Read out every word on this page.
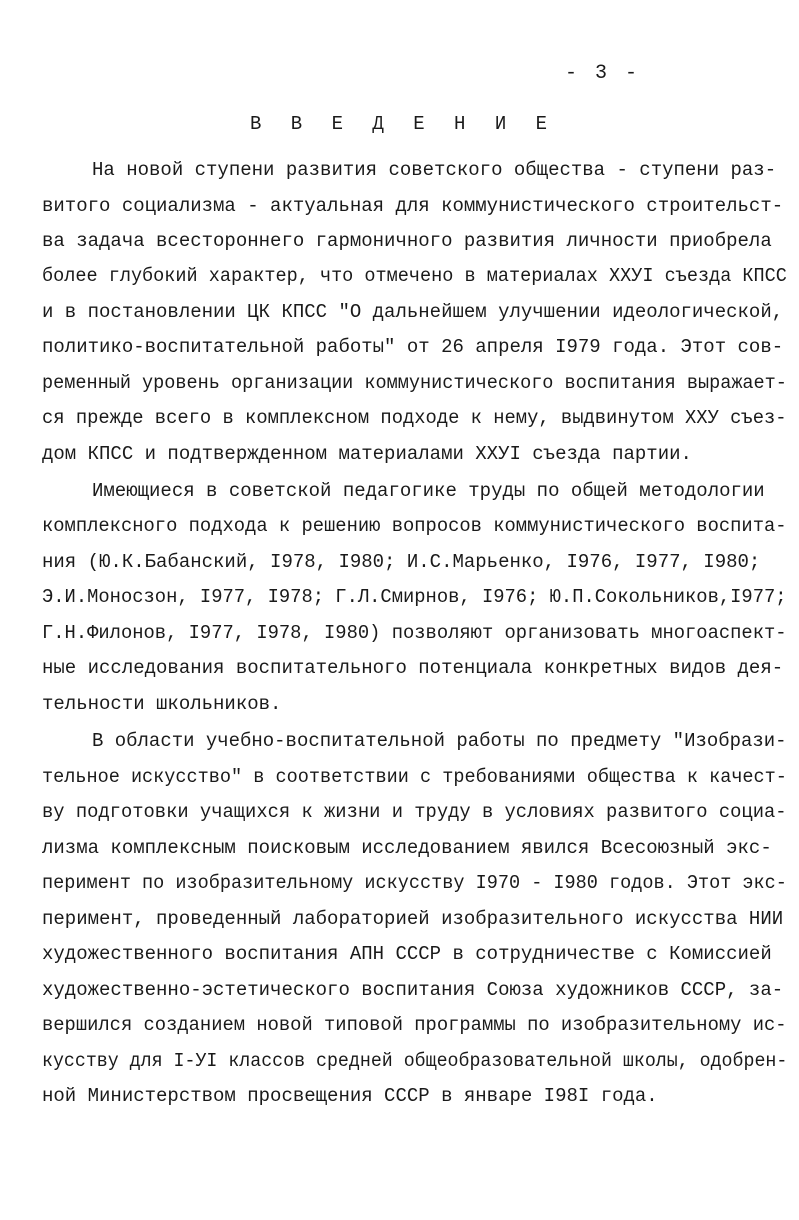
- 3 -
В В Е Д Е Н И Е
На новой ступени развития советского общества - ступени раз-
витого социализма - актуальная для коммунистического строительст-
ва задача всестороннего гармоничного развития личности приобрела
более глубокий характер, что отмечено в материалах XXУI съезда КПСС
и в постановлении ЦК КПСС "О дальнейшем улучшении идеологической,
политико-воспитательной работы" от 26 апреля I979 года. Этот сов-
ременный уровень организации коммунистического воспитания выражает-
ся прежде всего в комплексном подходе к нему, выдвинутом XXУ съез-
дом КПСС и подтвержденном материалами XXУI съезда партии.
Имеющиеся в советской педагогике труды по общей методологии
комплексного подхода к решению вопросов коммунистического воспита-
ния (Ю.К.Бабанский, I978, I980; И.С.Марьенко, I976, I977, I980;
Э.И.Моносзон, I977, I978; Г.Л.Смирнов, I976; Ю.П.Сокольников,I977;
Г.Н.Филонов, I977, I978, I980) позволяют организовать многоаспект-
ные исследования воспитательного потенциала конкретных видов дея-
тельности школьников.
В области учебно-воспитательной работы по предмету "Изобрази-
тельное искусство" в соответствии с требованиями общества к качест-
ву подготовки учащихся к жизни и труду в условиях развитого социа-
лизма комплексным поисковым исследованием явился Всесоюзный экс-
перимент по изобразительному искусству I970 - I980 годов. Этот экс-
перимент, проведенный лабораторией изобразительного искусства НИИ
художественного воспитания АПН СССР в сотрудничестве с Комиссией
художественно-эстетического воспитания Союза художников СССР, за-
вершился созданием новой типовой программы по изобразительному ис-
кусству для I-УI классов средней общеобразовательной школы, одобрен-
ной Министерством просвещения СССР в январе I98I года.
